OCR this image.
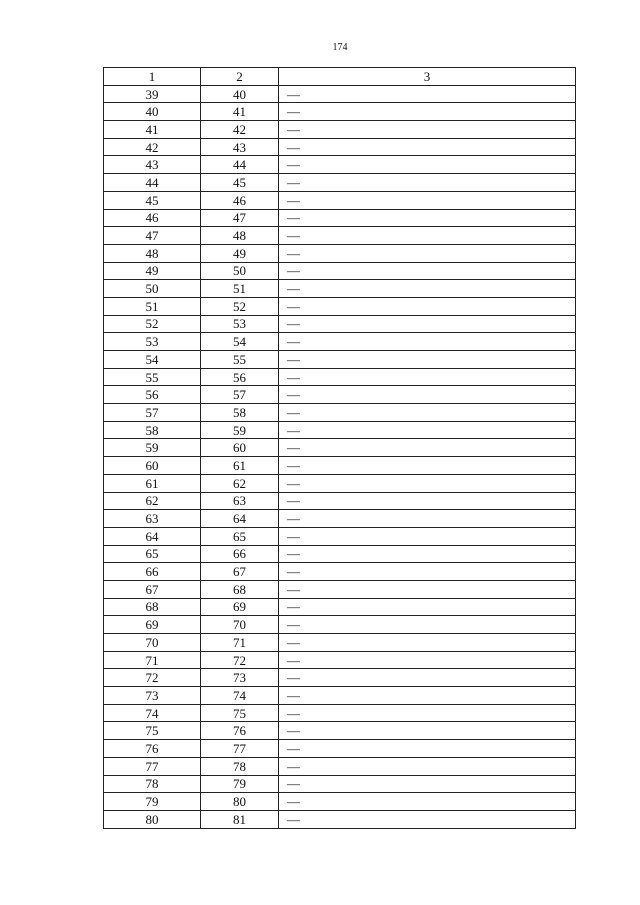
174
1	2	3
39	40	—
40	41	—
41	42	—
42	43	—
43	44	—
44	45	—
45	46	—
46	47	—
47	48	—
48	49	—
49	50	—
50	51	—
51	52	—
52	53	—
53	54	—
54	55	—
55	56	—
56	57	—
57	58	—
58	59	—
59	60	—
60	61	—
61	62	—
62	63	—
63	64	—
64	65	—
65	66	—
66	67	—
67	68	—
68	69	—
69	70	—
70	71	—
71	72	—
72	73	—
73	74	—
74	75	—
75	76	—
76	77	—
77	78	—
78	79	—
79	80	—
80	81	—
